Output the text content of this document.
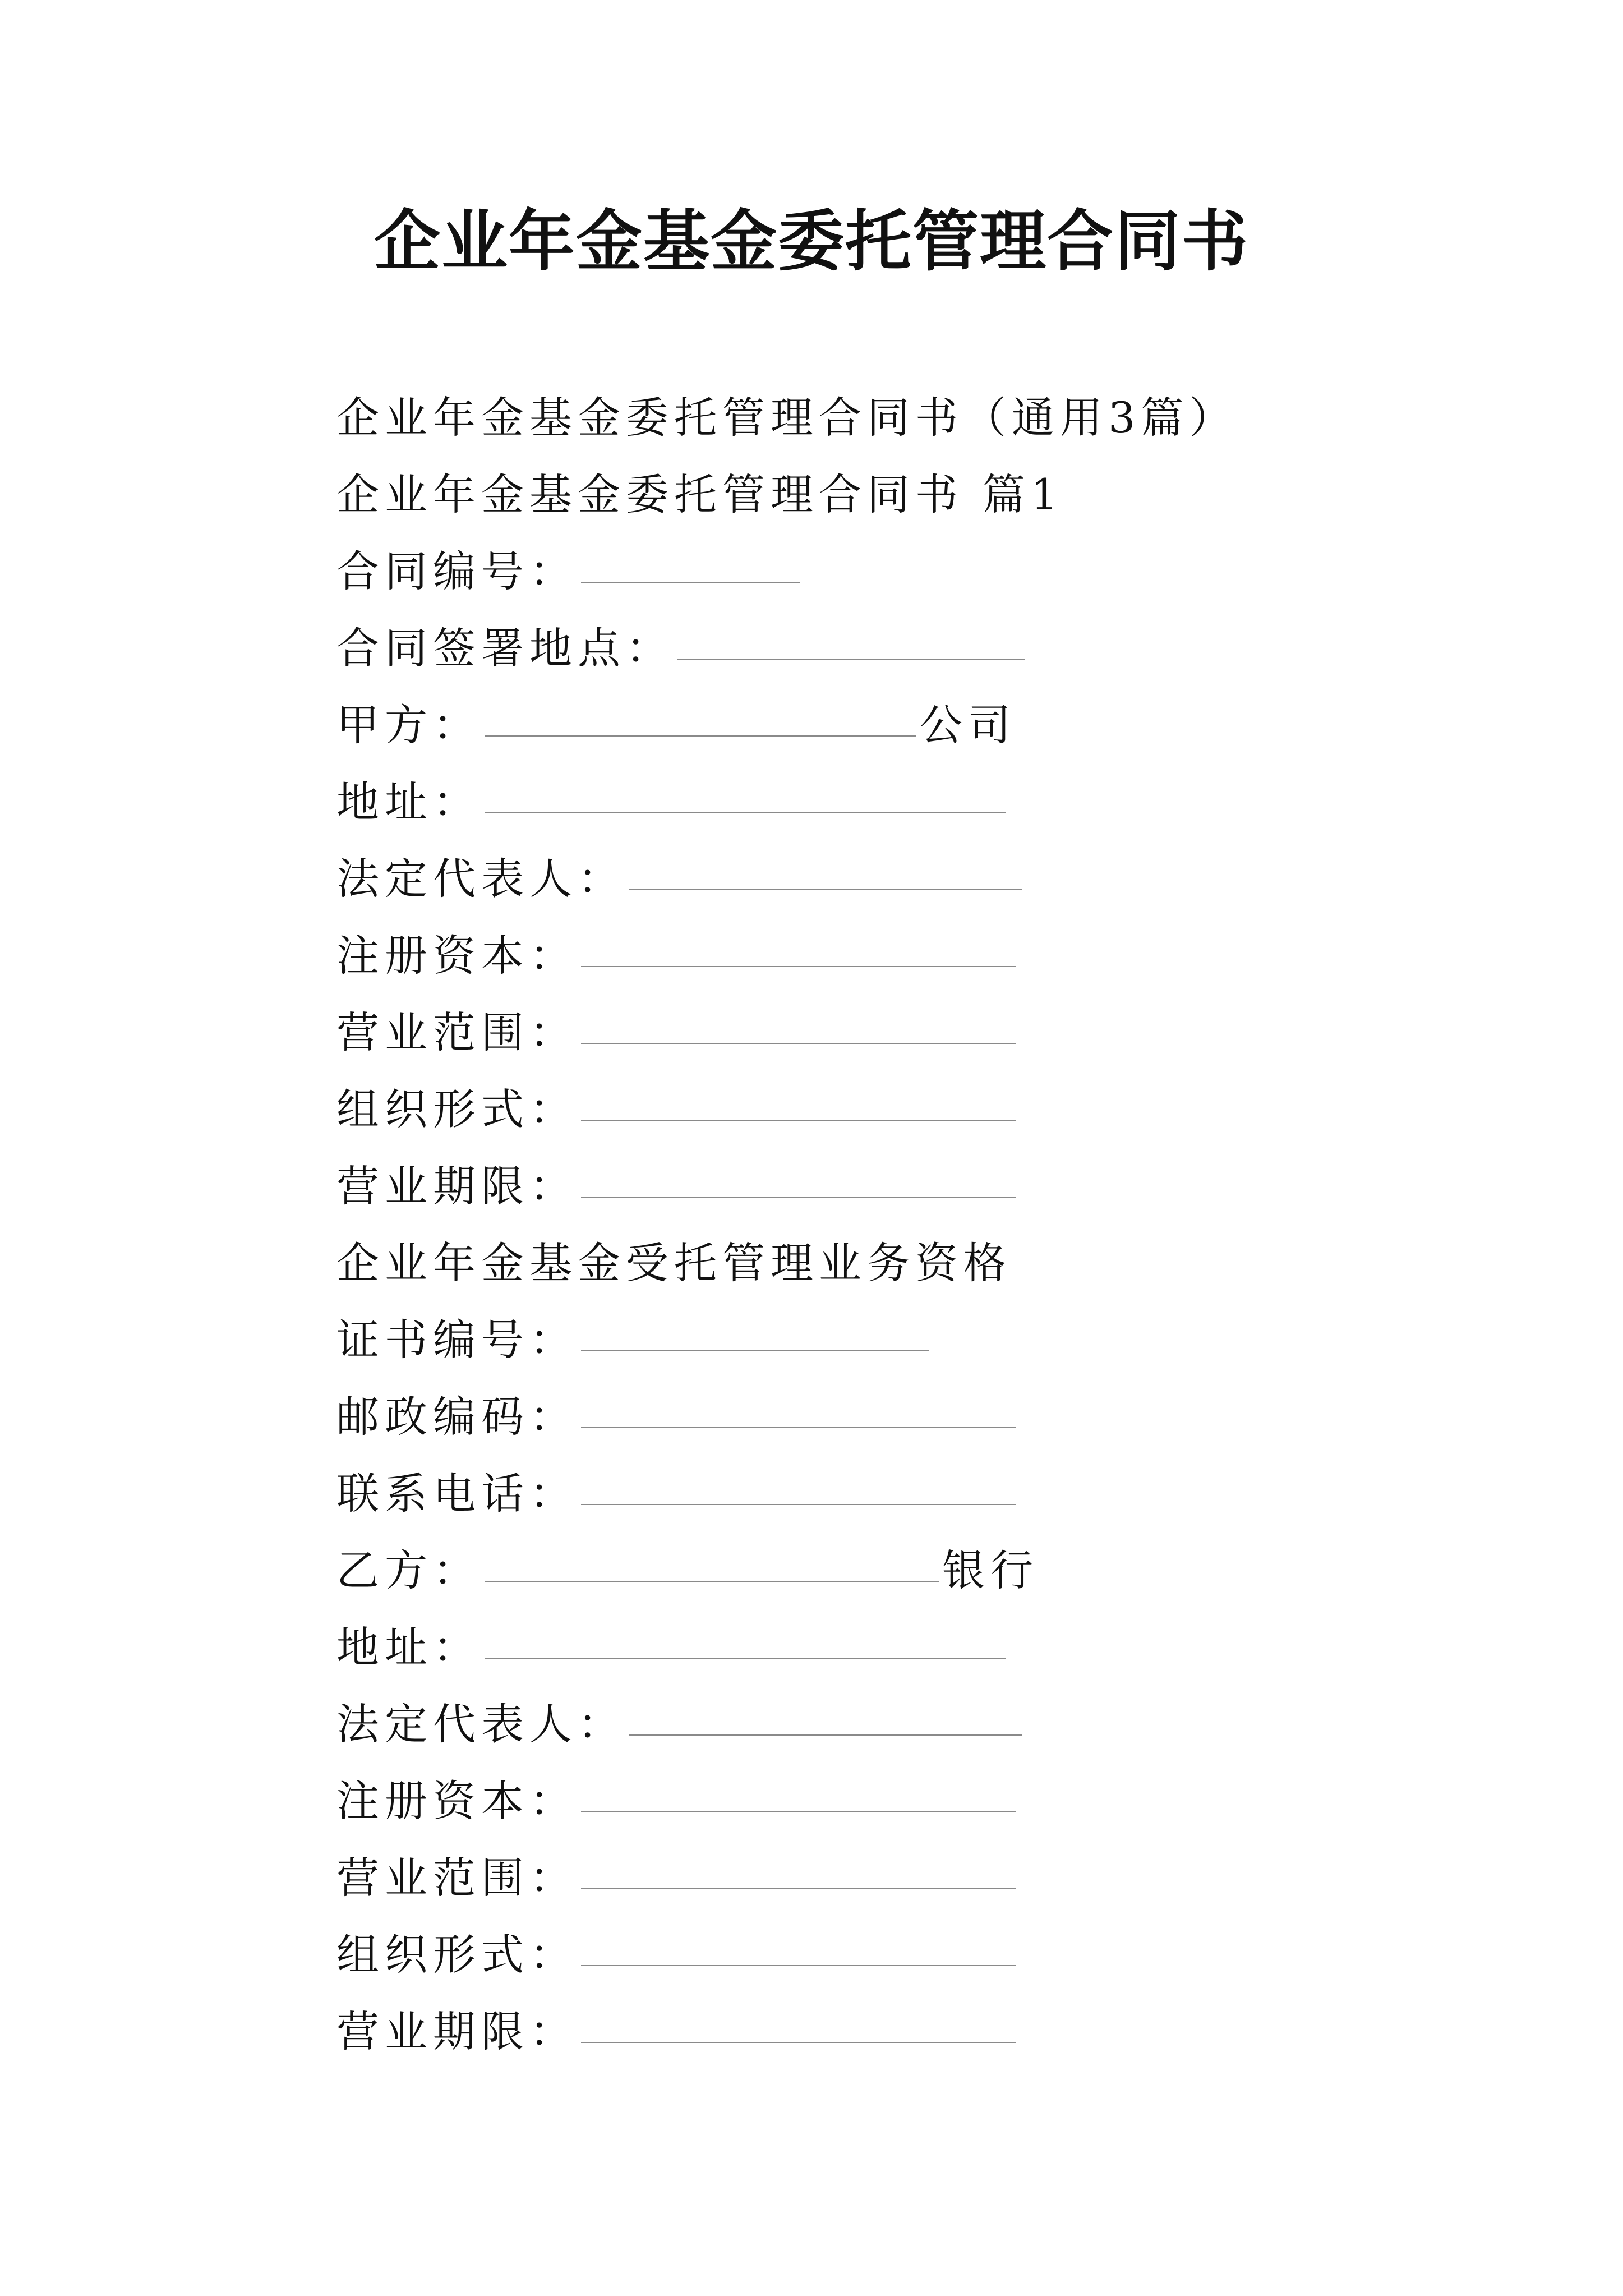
企业年金基金委托管理合同书
企业年金基金委托管理合同书（通用3篇）
企业年金基金委托管理合同书 篇1
合同编号：
合同签署地点：
甲方：	公司
地址：
法定代表人：
注册资本：
营业范围：
组织形式：
营业期限：
企业年金基金受托管理业务资格
证书编号：
邮政编码：
联系电话：
乙方：	银行
地址：
法定代表人：
注册资本：
营业范围：
组织形式：
营业期限：
